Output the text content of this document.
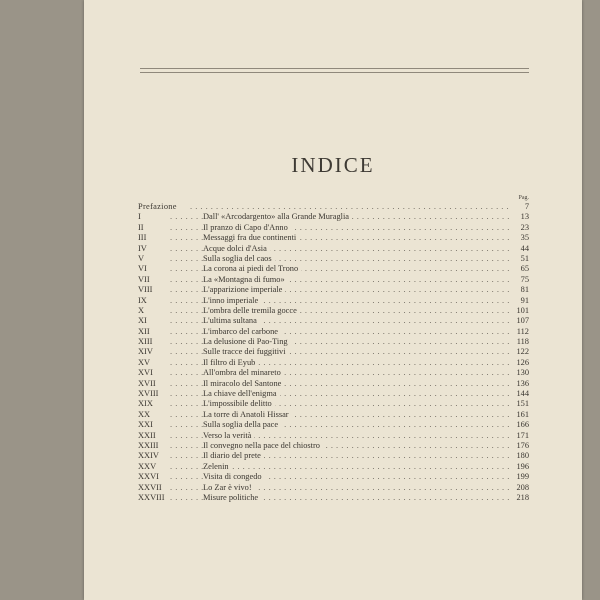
INDICE
Pag.
. . .
Prefazione	7
. . .
I	Dall' «Arcodargento» alla Grande Muraglia	13
. . .
II	Il pranzo di Capo d'Anno	23
. . .
III	Messaggi fra due continenti	35
. . .
IV	Acque dolci d'Asia	44
. . .
V	Sulla soglia del caos	51
. . .
VI	La corona ai piedi del Trono	65
. . .
VII	La «Montagna di fumo»	75
. . .
VIII	L'apparizione imperiale	81
. . .
IX	L'inno imperiale	91
. . .
X	L'ombra delle tremila gocce	101
. . .
XI	L'ultima sultana	107
. . .
XII	L'imbarco del carbone	112
. . .
XIII	La delusione di Pao-Ting	118
. . .
XIV	Sulle tracce dei fuggitivi	122
. . .
XV	Il filtro di Eyub	126
. . .
XVI	All'ombra del minareto	130
. . .
XVII	Il miracolo del Santone	136
. . .
XVIII	La chiave dell'enigma	144
. . .
XIX	L'impossibile delitto	151
. . .
XX	La torre di Anatoli Hissar	161
. . .
XXI	Sulla soglia della pace	166
. . .
XXII	Verso la verità	171
. . .
XXIII	Il convegno nella pace del chiostro	176
. . .
XXIV	Il diario del prete	180
. . .
XXV	Zelenin	196
. . .
XXVI	Visita di congedo	199
. . .
XXVII	Lo Zar è vivo!	208
. . .
XXVIII	Misure politiche	218
